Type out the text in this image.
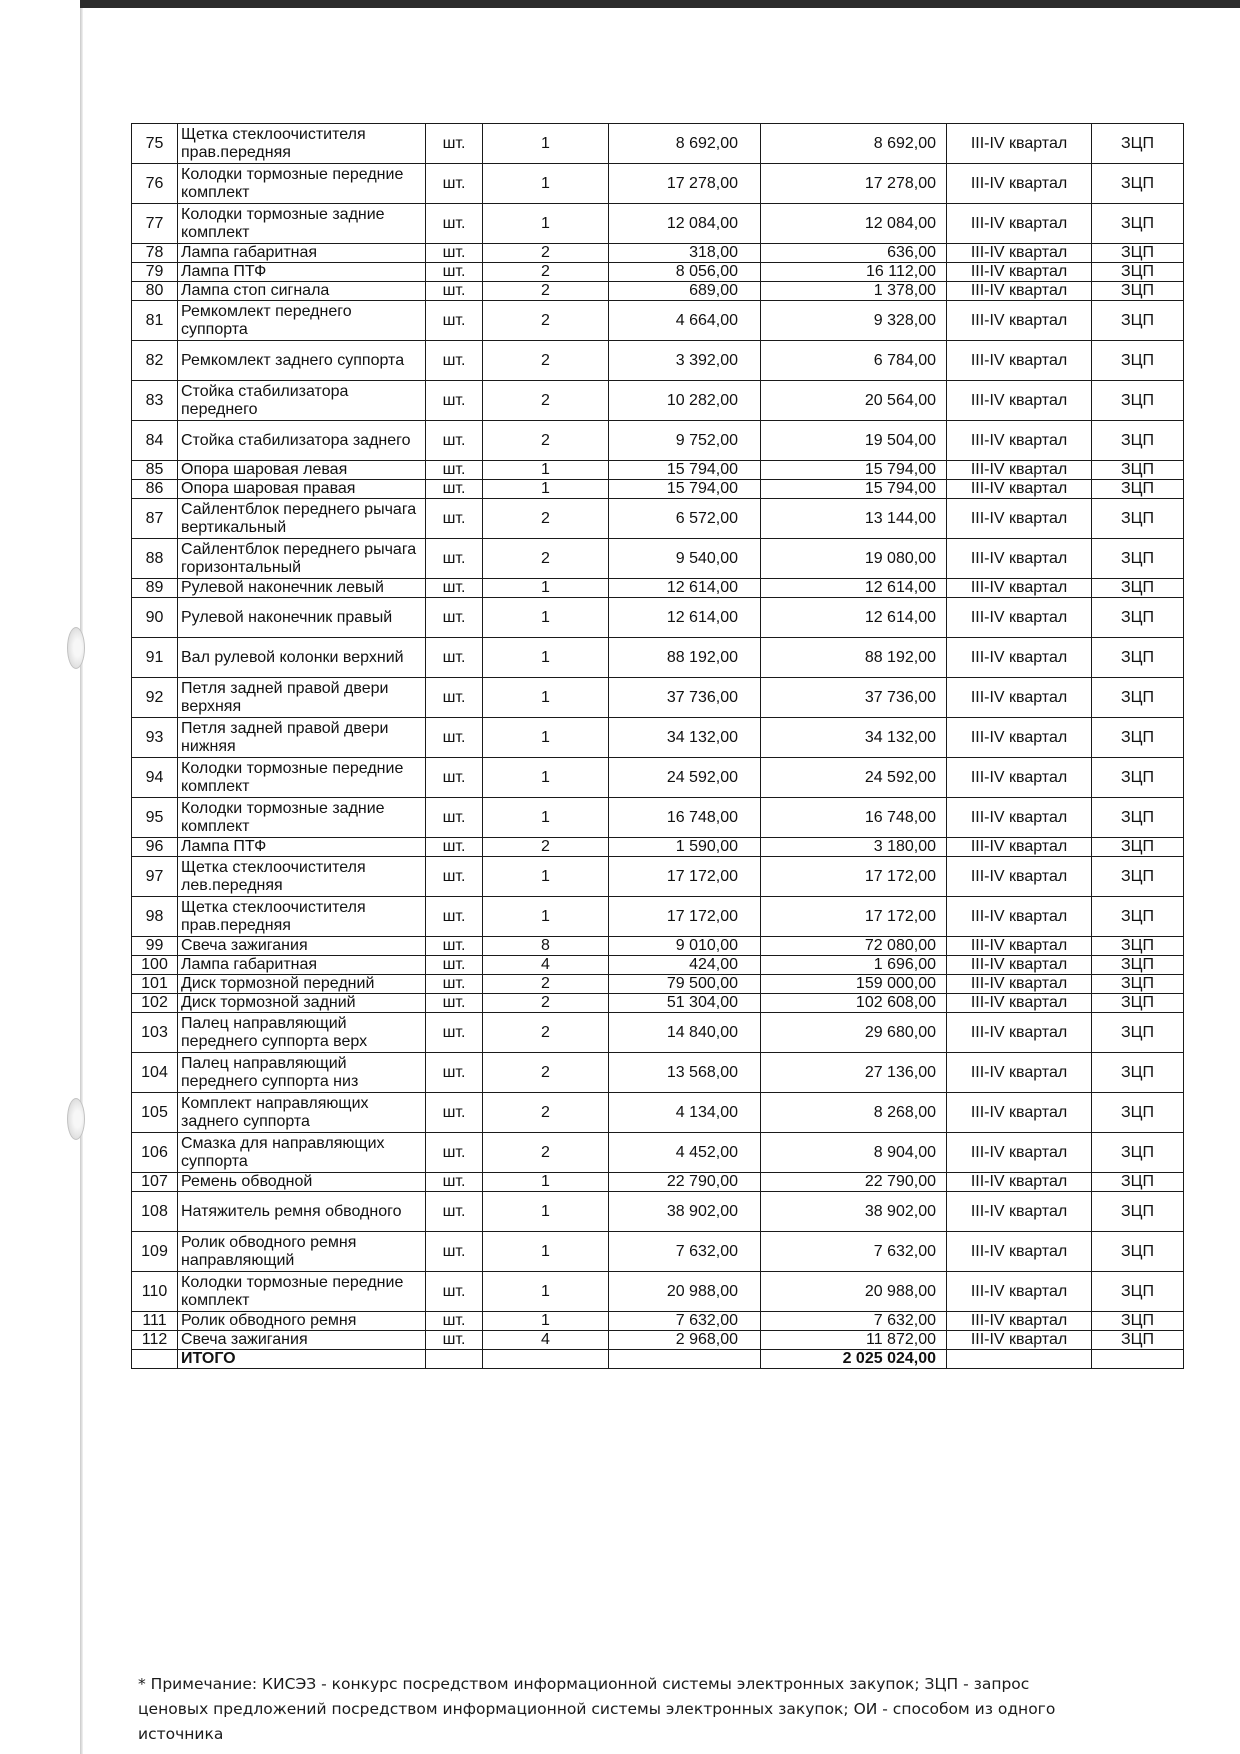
75	Щетка стеклоочистителя прав.передняя	шт.	1	8 692,00	8 692,00	III-IV квартал	ЗЦП
76	Колодки тормозные передние комплект	шт.	1	17 278,00	17 278,00	III-IV квартал	ЗЦП
77	Колодки тормозные задние комплект	шт.	1	12 084,00	12 084,00	III-IV квартал	ЗЦП
78	Лампа габаритная	шт.	2	318,00	636,00	III-IV квартал	ЗЦП
79	Лампа ПТФ	шт.	2	8 056,00	16 112,00	III-IV квартал	ЗЦП
80	Лампа стоп сигнала	шт.	2	689,00	1 378,00	III-IV квартал	ЗЦП
81	Ремкомлект переднего суппорта	шт.	2	4 664,00	9 328,00	III-IV квартал	ЗЦП
82	Ремкомлект заднего суппорта	шт.	2	3 392,00	6 784,00	III-IV квартал	ЗЦП
83	Стойка стабилизатора переднего	шт.	2	10 282,00	20 564,00	III-IV квартал	ЗЦП
84	Стойка стабилизатора заднего	шт.	2	9 752,00	19 504,00	III-IV квартал	ЗЦП
85	Опора шаровая левая	шт.	1	15 794,00	15 794,00	III-IV квартал	ЗЦП
86	Опора шаровая правая	шт.	1	15 794,00	15 794,00	III-IV квартал	ЗЦП
87	Сайлентблок переднего рычага вертикальный	шт.	2	6 572,00	13 144,00	III-IV квартал	ЗЦП
88	Сайлентблок переднего рычага горизонтальный	шт.	2	9 540,00	19 080,00	III-IV квартал	ЗЦП
89	Рулевой наконечник левый	шт.	1	12 614,00	12 614,00	III-IV квартал	ЗЦП
90	Рулевой наконечник правый	шт.	1	12 614,00	12 614,00	III-IV квартал	ЗЦП
91	Вал рулевой колонки верхний	шт.	1	88 192,00	88 192,00	III-IV квартал	ЗЦП
92	Петля задней правой двери верхняя	шт.	1	37 736,00	37 736,00	III-IV квартал	ЗЦП
93	Петля задней правой двери нижняя	шт.	1	34 132,00	34 132,00	III-IV квартал	ЗЦП
94	Колодки тормозные передние комплект	шт.	1	24 592,00	24 592,00	III-IV квартал	ЗЦП
95	Колодки тормозные задние комплект	шт.	1	16 748,00	16 748,00	III-IV квартал	ЗЦП
96	Лампа ПТФ	шт.	2	1 590,00	3 180,00	III-IV квартал	ЗЦП
97	Щетка стеклоочистителя лев.передняя	шт.	1	17 172,00	17 172,00	III-IV квартал	ЗЦП
98	Щетка стеклоочистителя прав.передняя	шт.	1	17 172,00	17 172,00	III-IV квартал	ЗЦП
99	Свеча зажигания	шт.	8	9 010,00	72 080,00	III-IV квартал	ЗЦП
100	Лампа габаритная	шт.	4	424,00	1 696,00	III-IV квартал	ЗЦП
101	Диск тормозной передний	шт.	2	79 500,00	159 000,00	III-IV квартал	ЗЦП
102	Диск тормозной задний	шт.	2	51 304,00	102 608,00	III-IV квартал	ЗЦП
103	Палец направляющий переднего суппорта верх	шт.	2	14 840,00	29 680,00	III-IV квартал	ЗЦП
104	Палец направляющий переднего суппорта низ	шт.	2	13 568,00	27 136,00	III-IV квартал	ЗЦП
105	Комплект направляющих заднего суппорта	шт.	2	4 134,00	8 268,00	III-IV квартал	ЗЦП
106	Смазка для направляющих суппорта	шт.	2	4 452,00	8 904,00	III-IV квартал	ЗЦП
107	Ремень обводной	шт.	1	22 790,00	22 790,00	III-IV квартал	ЗЦП
108	Натяжитель ремня обводного	шт.	1	38 902,00	38 902,00	III-IV квартал	ЗЦП
109	Ролик обводного ремня направляющий	шт.	1	7 632,00	7 632,00	III-IV квартал	ЗЦП
110	Колодки тормозные передние комплект	шт.	1	20 988,00	20 988,00	III-IV квартал	ЗЦП
111	Ролик обводного ремня	шт.	1	7 632,00	7 632,00	III-IV квартал	ЗЦП
112	Свеча зажигания	шт.	4	2 968,00	11 872,00	III-IV квартал	ЗЦП
	ИТОГО				2 025 024,00		
* Примечание: КИСЭЗ - конкурс посредством информационной системы электронных закупок; ЗЦП - запрос ценовых предложений посредством информационной системы электронных закупок; ОИ - способом из одного источника
